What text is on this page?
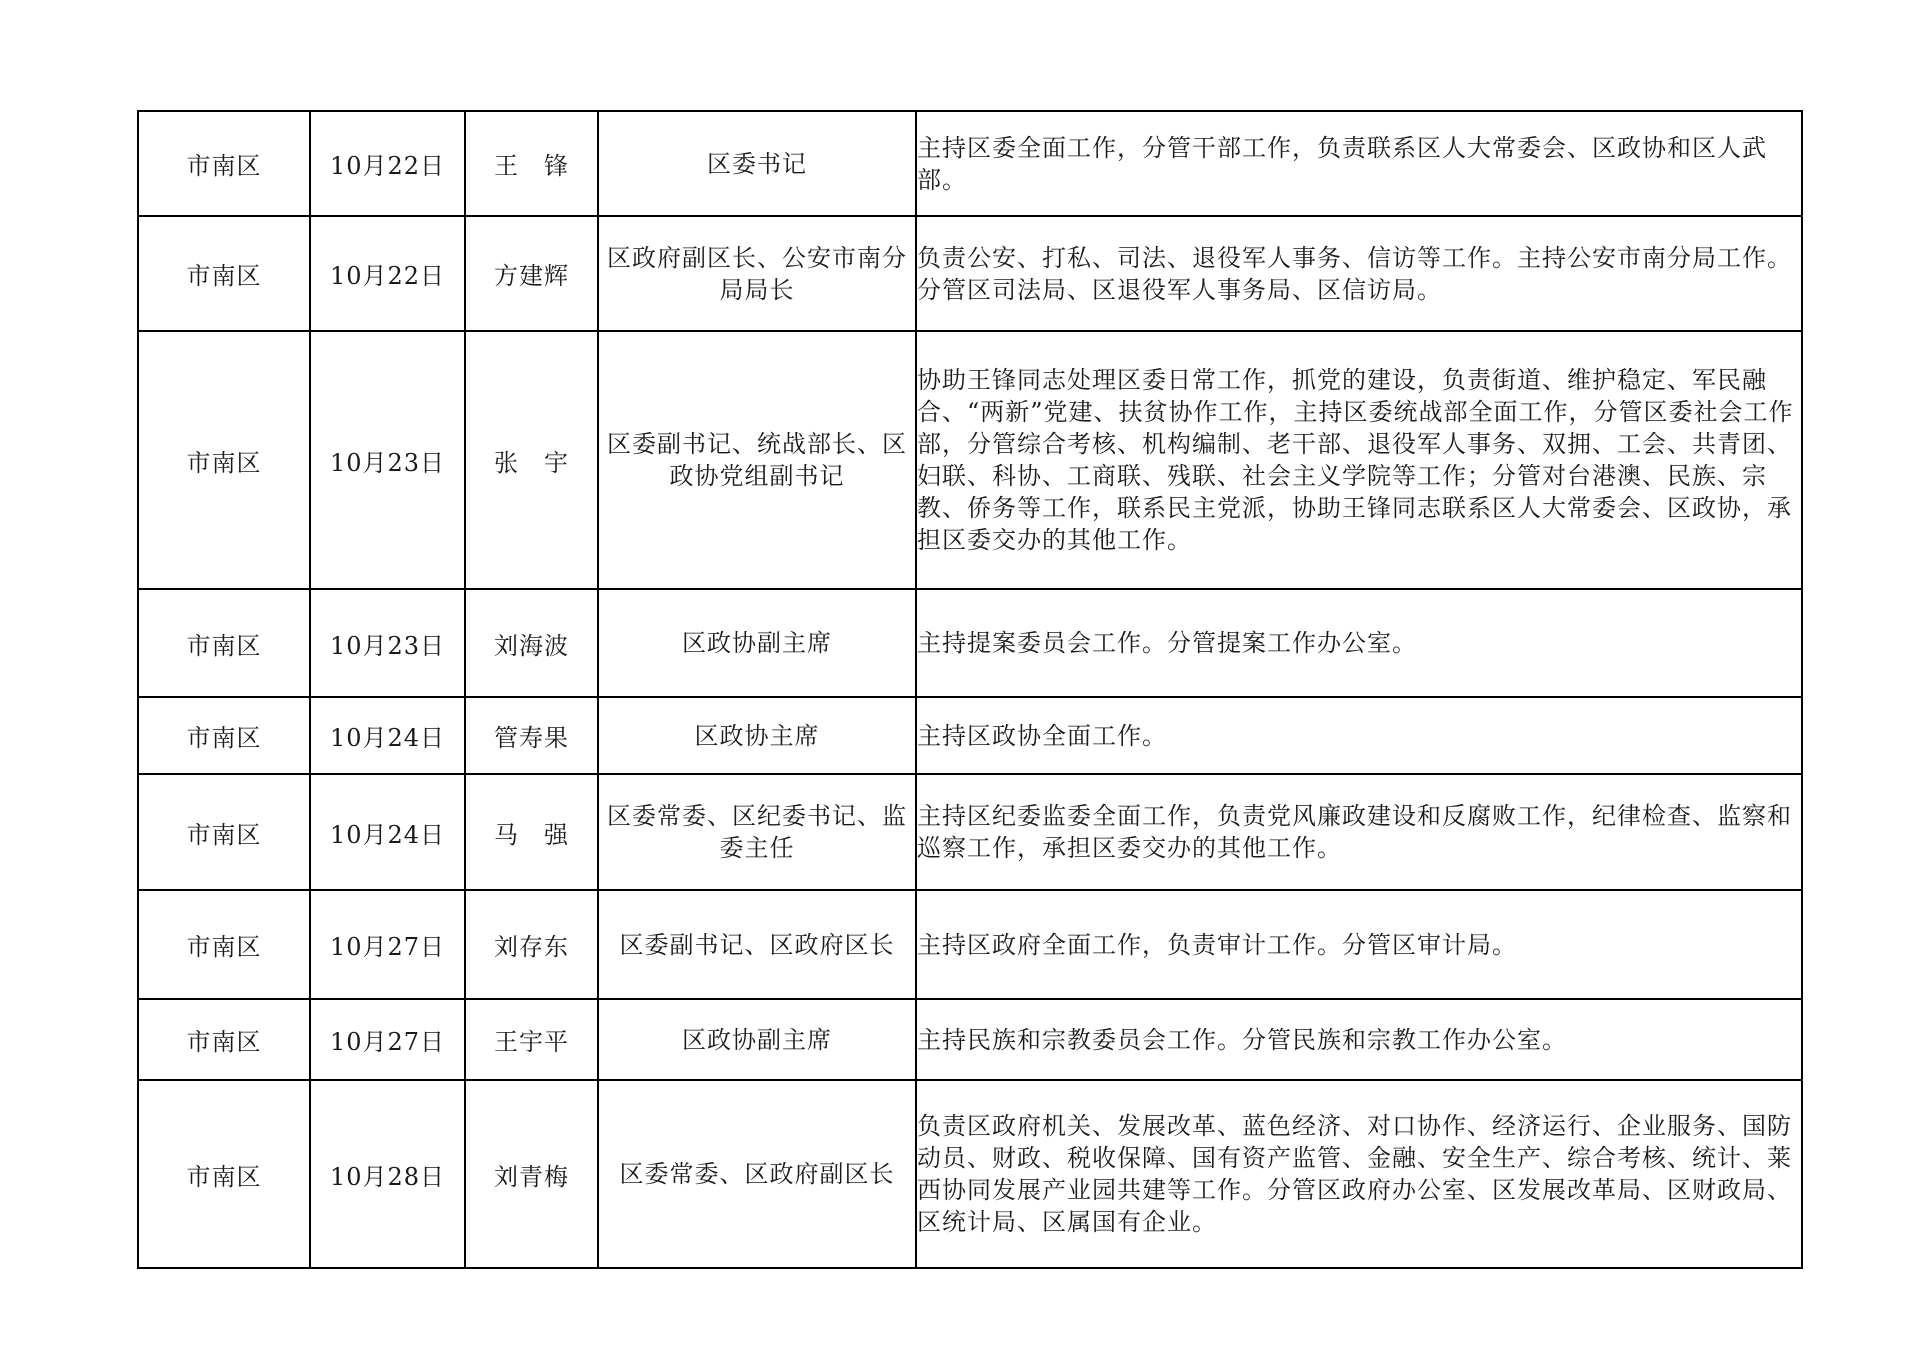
市南区	10月22日	王　锋	区委书记	主持区委全面工作，分管干部工作，负责联系区人大常委会、区政协和区人武部。
市南区	10月22日	方建辉	区政府副区长、公安市南分局局长	负责公安、打私、司法、退役军人事务、信访等工作。主持公安市南分局工作。分管区司法局、区退役军人事务局、区信访局。
市南区	10月23日	张　宇	区委副书记、统战部长、区政协党组副书记	协助王锋同志处理区委日常工作，抓党的建设，负责街道、维护稳定、军民融合、“两新”党建、扶贫协作工作，主持区委统战部全面工作，分管区委社会工作部，分管综合考核、机构编制、老干部、退役军人事务、双拥、工会、共青团、妇联、科协、工商联、残联、社会主义学院等工作；分管对台港澳、民族、宗教、侨务等工作，联系民主党派，协助王锋同志联系区人大常委会、区政协，承担区委交办的其他工作。
市南区	10月23日	刘海波	区政协副主席	主持提案委员会工作。分管提案工作办公室。
市南区	10月24日	管寿果	区政协主席	主持区政协全面工作。
市南区	10月24日	马　强	区委常委、区纪委书记、监委主任	主持区纪委监委全面工作，负责党风廉政建设和反腐败工作，纪律检查、监察和巡察工作，承担区委交办的其他工作。
市南区	10月27日	刘存东	区委副书记、区政府区长	主持区政府全面工作，负责审计工作。分管区审计局。
市南区	10月27日	王宇平	区政协副主席	主持民族和宗教委员会工作。分管民族和宗教工作办公室。
市南区	10月28日	刘青梅	区委常委、区政府副区长	负责区政府机关、发展改革、蓝色经济、对口协作、经济运行、企业服务、国防动员、财政、税收保障、国有资产监管、金融、安全生产、综合考核、统计、莱西协同发展产业园共建等工作。分管区政府办公室、区发展改革局、区财政局、区统计局、区属国有企业。
